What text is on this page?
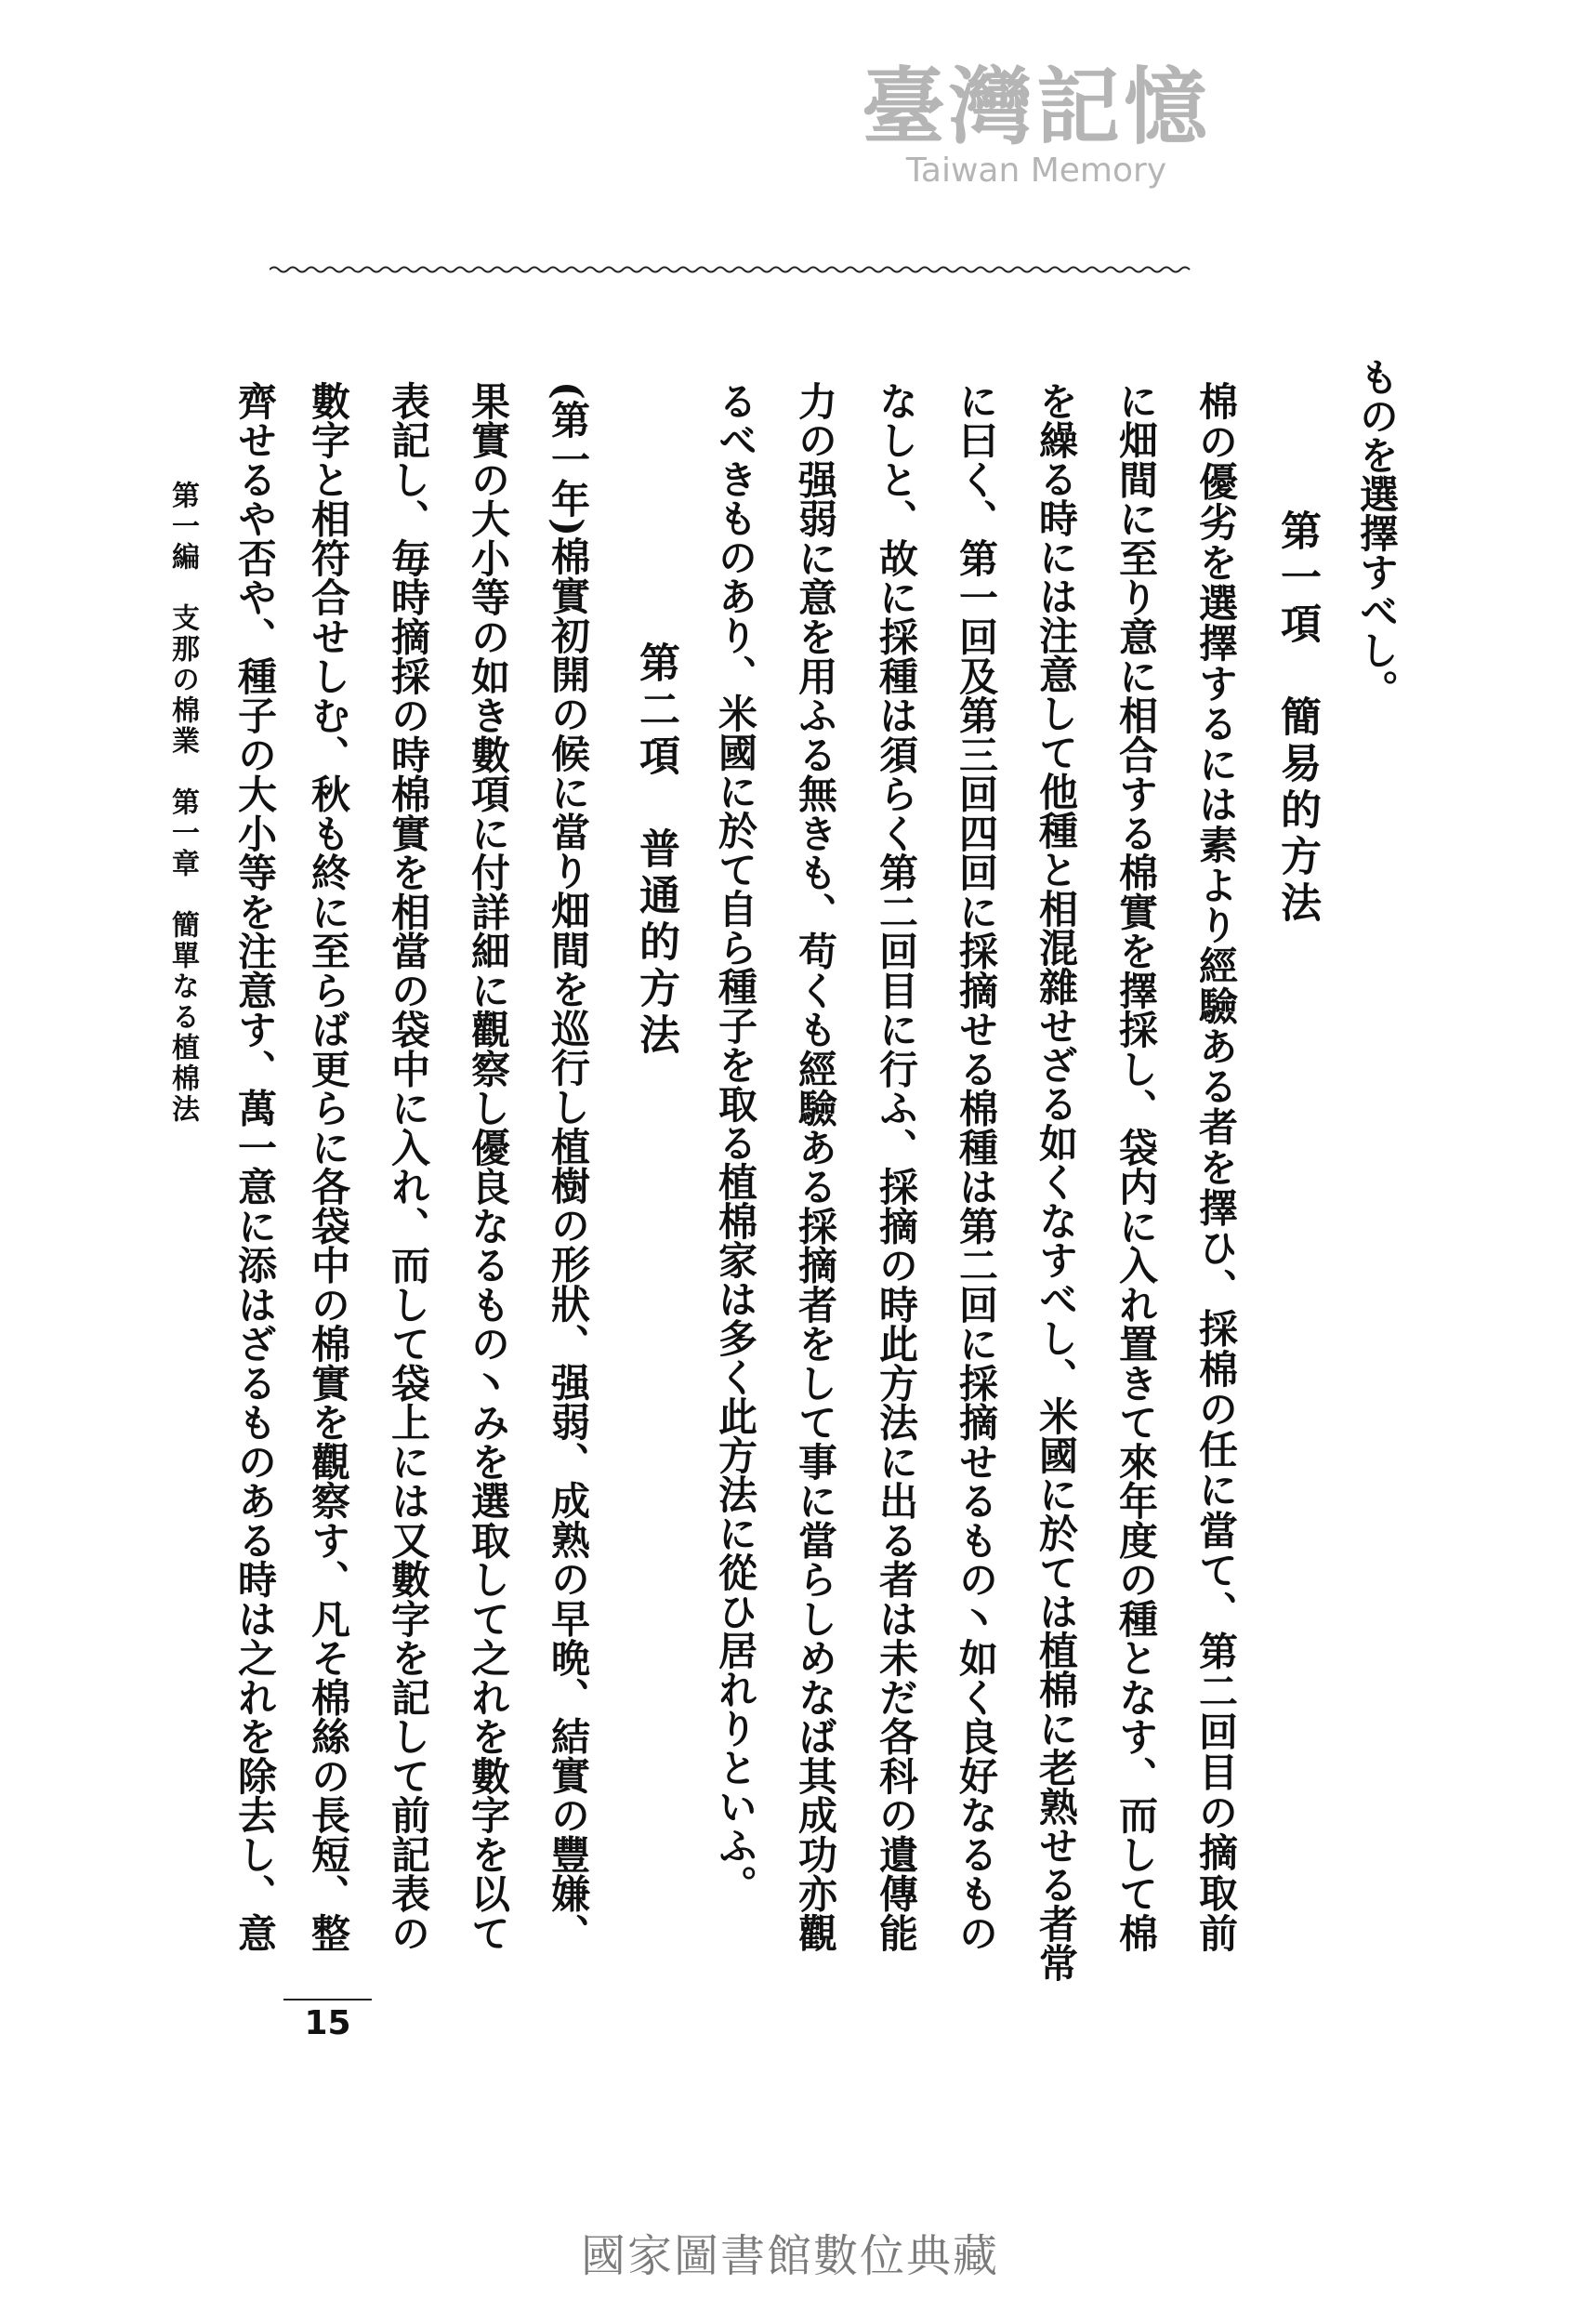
ものを選擇すべし。
第一項　簡易的方法
棉の優劣を選擇するには素より經驗ある者を擇ひ、採棉の任に當て、第二回目の摘取前
に畑間に至り意に相合する棉實を擇採し、袋内に入れ置きて來年度の種となす、而して棉
を繰る時には注意して他種と相混雜せざる如くなすべし、米國に於ては植棉に老熟せる者常
に曰く、第一回及第三回四回に採摘せる棉種は第二回に採摘せるもの丶如く良好なるもの
なしと、故に採種は須らく第二回目に行ふ、採摘の時此方法に出る者は未だ各科の遺傳能
力の强弱に意を用ふる無きも、苟くも經驗ある採摘者をして事に當らしめなば其成功亦觀
るべきものあり、米國に於て自ら種子を取る植棉家は多く此方法に從ひ居れりといふ。
第二項　普通的方法
(第一年)棉實初開の候に當り畑間を巡行し植樹の形狀、强弱、成熟の早晩、結實の豐嫌、
果實の大小等の如き數項に付詳細に觀察し優良なるもの丶みを選取して之れを數字を以て
表記し、毎時摘採の時棉實を相當の袋中に入れ、而して袋上には又數字を記して前記表の
數字と相符合せしむ、秋も終に至らば更らに各袋中の棉實を觀察す、凡そ棉絲の長短、整
齊せるや否や、種子の大小等を注意す、萬一意に添はざるものある時は之れを除去し、意
第一編　支那の棉業　第一章　簡單なる植棉法
15
臺灣記憶
Taiwan Memory
國家圖書館數位典藏
